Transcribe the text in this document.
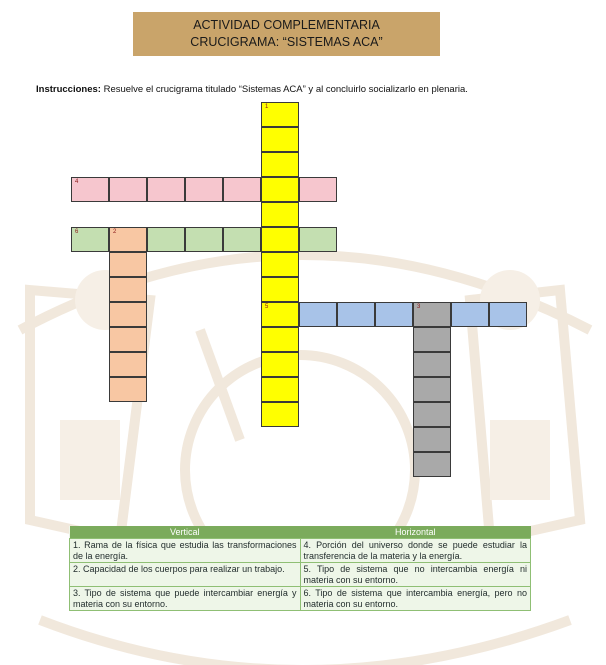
ACTIVIDAD COMPLEMENTARIA
CRUCIGRAMA: “SISTEMAS ACA”
Instrucciones: Resuelve el crucigrama titulado “Sistemas ACA” y al concluirlo socializarlo en plenaria.
1
5
2
3
4
6
Vertical	Horizontal
1. Rama de la física que estudia las transformaciones de la energía.	4. Porción del universo donde se puede estudiar la transferencia de la materia y la energía.
2. Capacidad de los cuerpos para realizar un trabajo.	5. Tipo de sistema que no intercambia energía ni materia con su entorno.
3. Tipo de sistema que puede intercambiar energía y materia con su entorno.	6. Tipo de sistema que intercambia energía, pero no materia con su entorno.
